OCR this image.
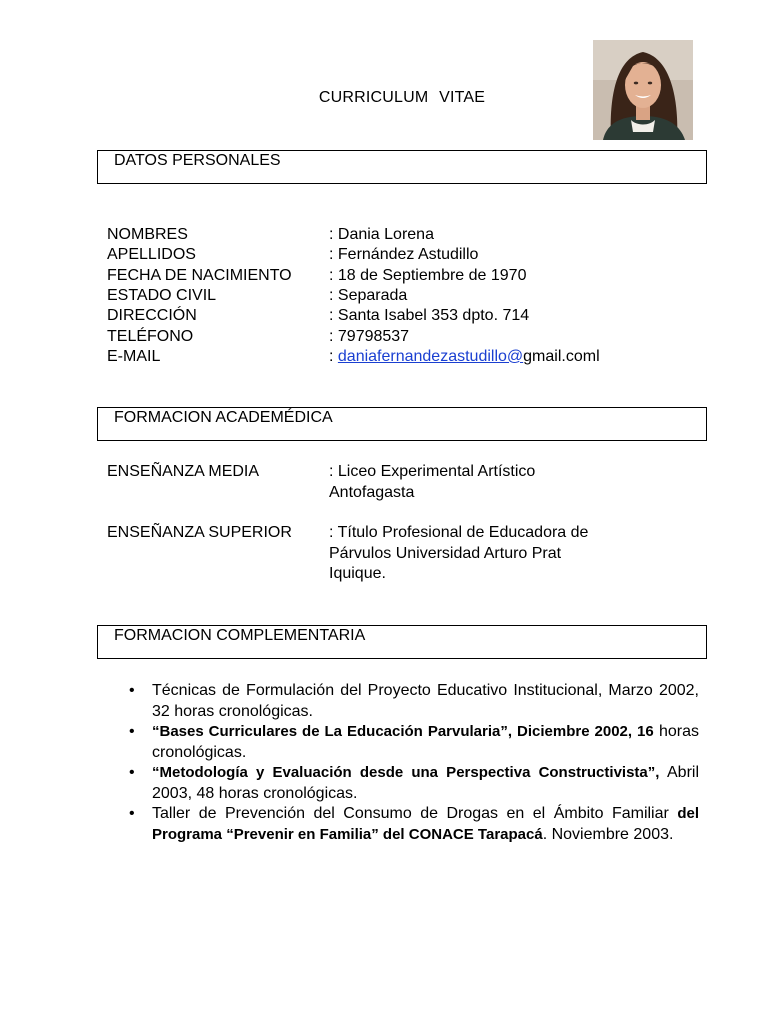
CURRICULUM VITAE
DATOS PERSONALES
NOMBRES	: Dania Lorena
APELLIDOS	: Fernández Astudillo
FECHA DE NACIMIENTO : 18 de Septiembre de 1970
ESTADO CIVIL	: Separada
DIRECCIÓN	: Santa Isabel 353 dpto. 714
TELÉFONO	: 79798537
E-MAIL	: daniafernandezastudillo@gmail.coml
FORMACION ACADEMÉDICA
ENSEÑANZA MEDIA	: Liceo Experimental Artístico
Antofagasta
ENSEÑANZA SUPERIOR : Título Profesional de Educadora de
Párvulos Universidad Arturo Prat
Iquique.
FORMACION COMPLEMENTARIA
• Técnicas de Formulación del Proyecto Educativo Institucional, Marzo 2002, 32 horas cronológicas.
• “Bases Curriculares de La Educación Parvularia”, Diciembre 2002, 16 horas cronológicas.
• “Metodología y Evaluación desde una Perspectiva Constructivista”, Abril 2003, 48 horas cronológicas.
• Taller de Prevención del Consumo de Drogas en el Ámbito Familiar del Programa “Prevenir en Familia” del CONACE Tarapacá. Noviembre 2003.
